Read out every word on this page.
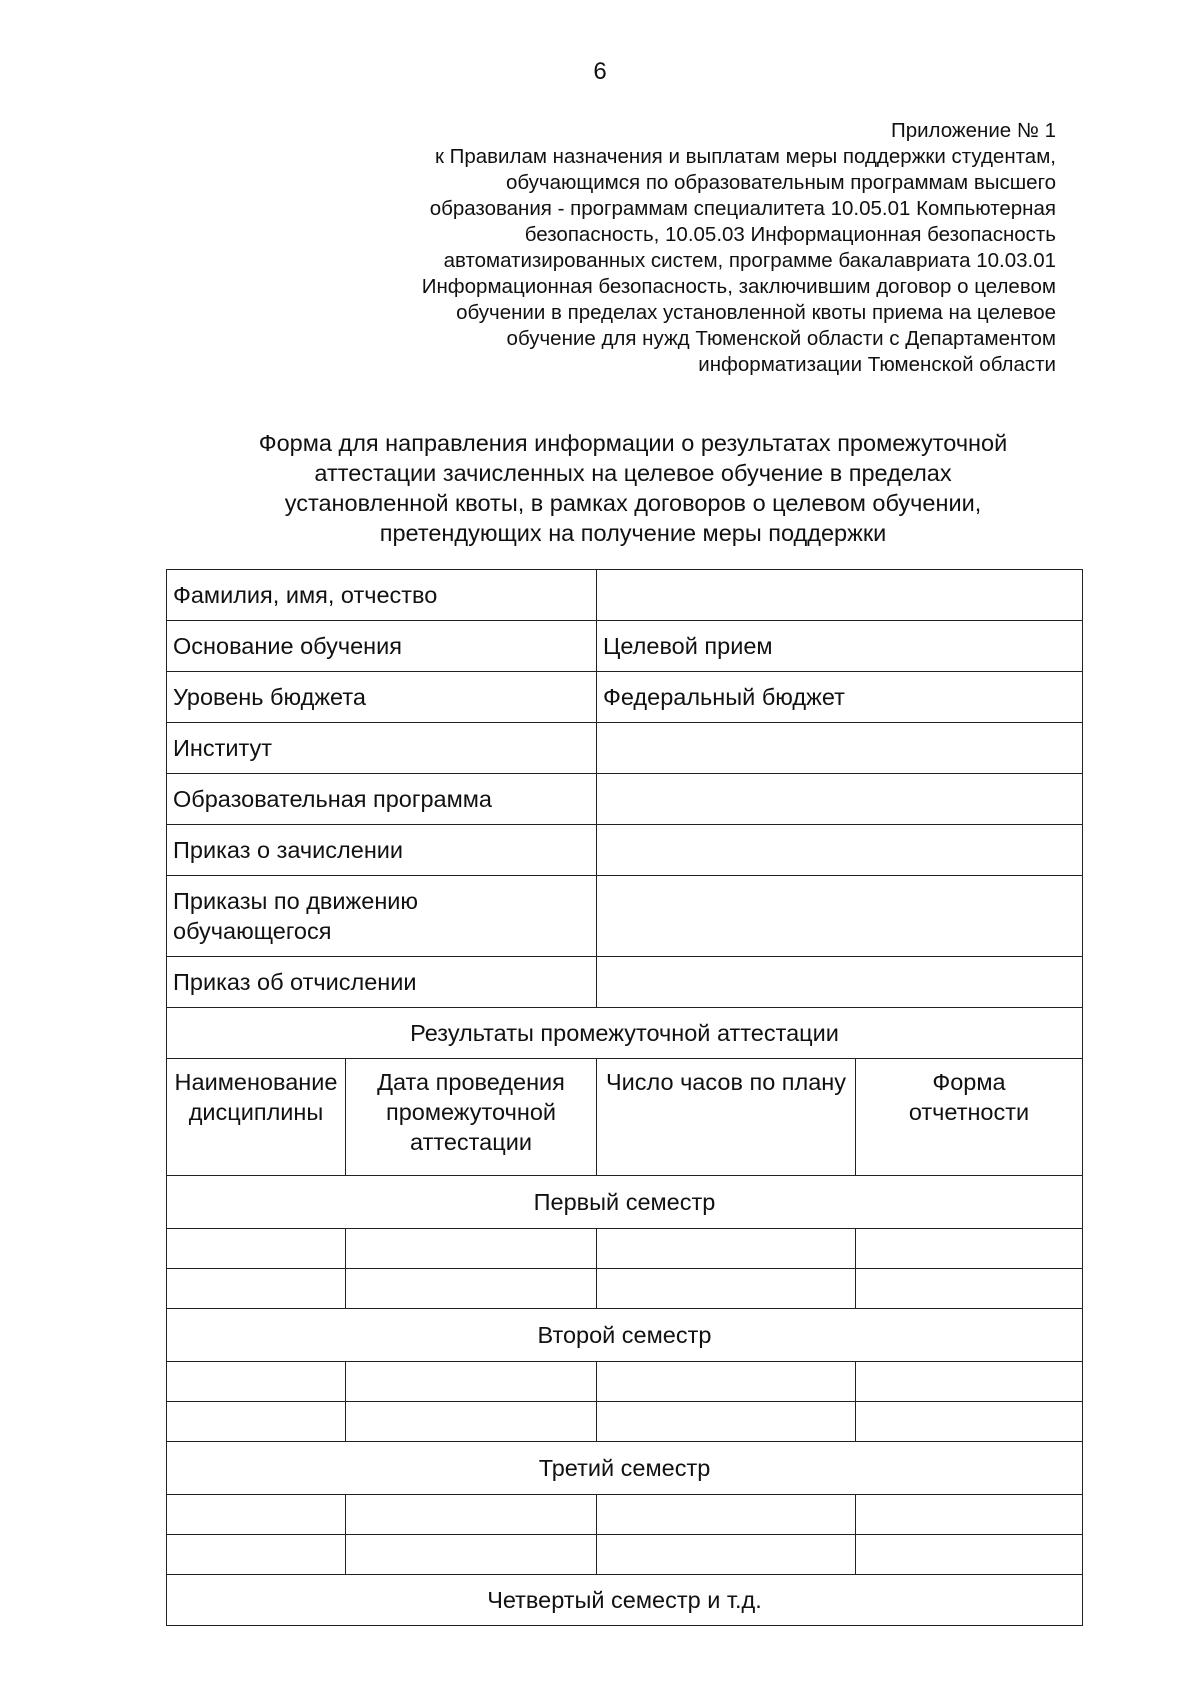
6
Приложение № 1
к Правилам назначения и выплатам меры поддержки студентам,
обучающимся по образовательным программам высшего
образования - программам специалитета 10.05.01 Компьютерная
безопасность, 10.05.03 Информационная безопасность
автоматизированных систем, программе бакалавриата 10.03.01
Информационная безопасность, заключившим договор о целевом
обучении в пределах установленной квоты приема на целевое
обучение для нужд Тюменской области с Департаментом
информатизации Тюменской области
Форма для направления информации о результатах промежуточной
аттестации зачисленных на целевое обучение в пределах
установленной квоты, в рамках договоров о целевом обучении,
претендующих на получение меры поддержки
Фамилия, имя, отчество			
Основание обучения		Целевой прием	
Уровень бюджета		Федеральный бюджет	
Институт			
Образовательная программа			
Приказ о зачислении			

Приказы по движению обучающегося			

Приказ об отчислении			
Результаты промежуточной аттестации			

Наименование дисциплины	Дата проведения промежуточной аттестации	Число часов по плану	Форма отчетности

Первый семестр			

Второй семестр			

Третий семестр			

Четвертый семестр и т.д.			
